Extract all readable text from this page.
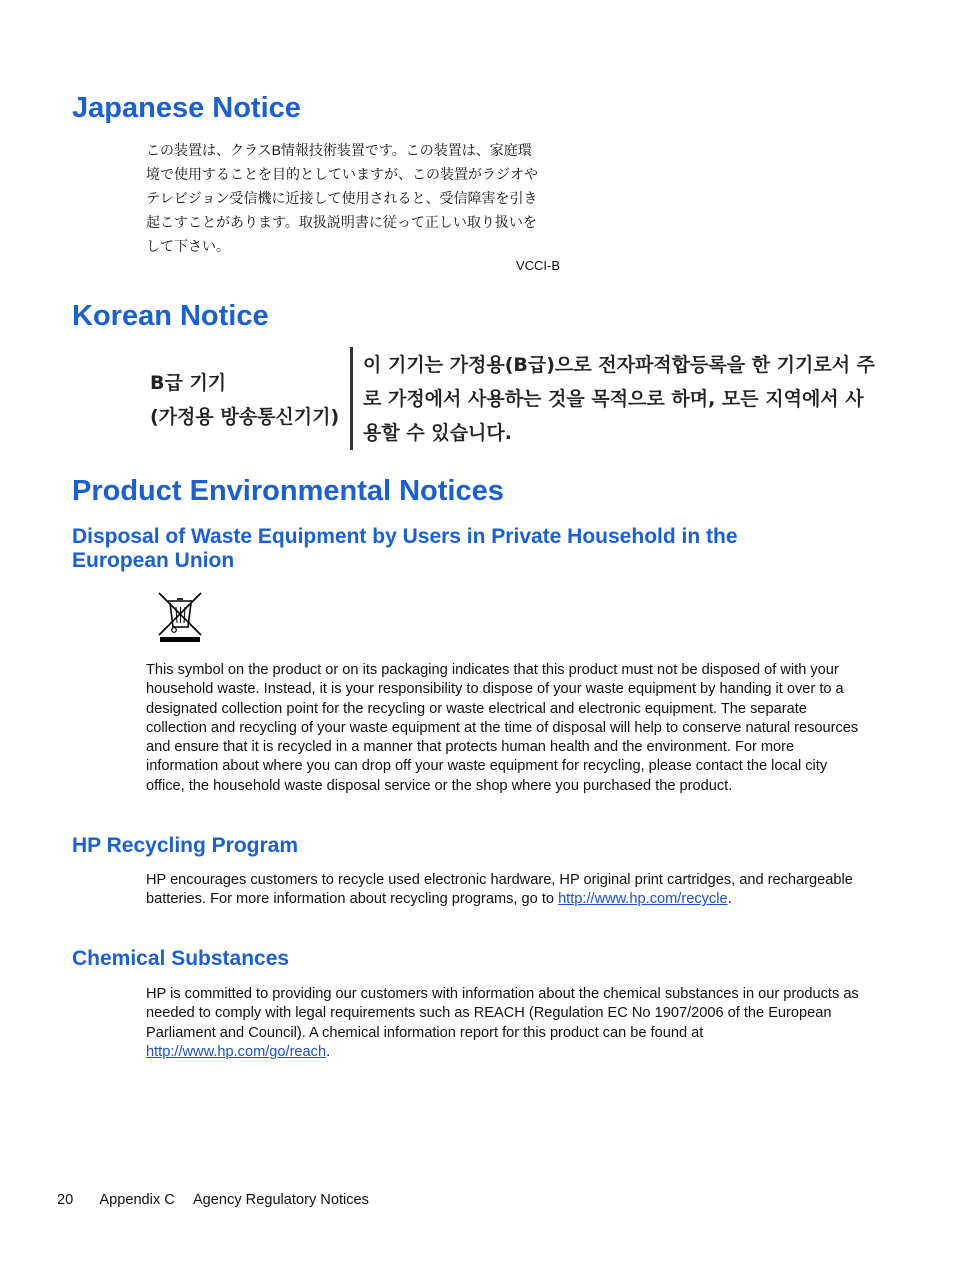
Japanese Notice
この装置は、クラスB情報技術装置です。この装置は、家庭環
境で使用することを目的としていますが、この装置がラジオや
テレビジョン受信機に近接して使用されると、受信障害を引き
起こすことがあります。取扱説明書に従って正しい取り扱いを
して下さい。
VCCI-B
Korean Notice
B급 기기
(가정용 방송통신기기)
이 기기는 가정용(B급)으로 전자파적합등록을 한 기기로서 주
로 가정에서 사용하는 것을 목적으로 하며, 모든 지역에서 사
용할 수 있습니다.
Product Environmental Notices
Disposal of Waste Equipment by Users in Private Household in the European Union

This symbol on the product or on its packaging indicates that this product must not be disposed of with your household waste. Instead, it is your responsibility to dispose of your waste equipment by handing it over to a designated collection point for the recycling or waste electrical and electronic equipment. The separate collection and recycling of your waste equipment at the time of disposal will help to conserve natural resources and ensure that it is recycled in a manner that protects human health and the environment. For more information about where you can drop off your waste equipment for recycling, please contact the local city office, the household waste disposal service or the shop where you purchased the product.

HP Recycling Program

HP encourages customers to recycle used electronic hardware, HP original print cartridges, and rechargeable batteries. For more information about recycling programs, go to http://www.hp.com/recycle.

Chemical Substances

HP is committed to providing our customers with information about the chemical substances in our products as needed to comply with legal requirements such as REACH (Regulation EC No 1907/2006 of the European Parliament and Council). A chemical information report for this product can be found at http://www.hp.com/go/reach.

20 Appendix C Agency Regulatory Notices
